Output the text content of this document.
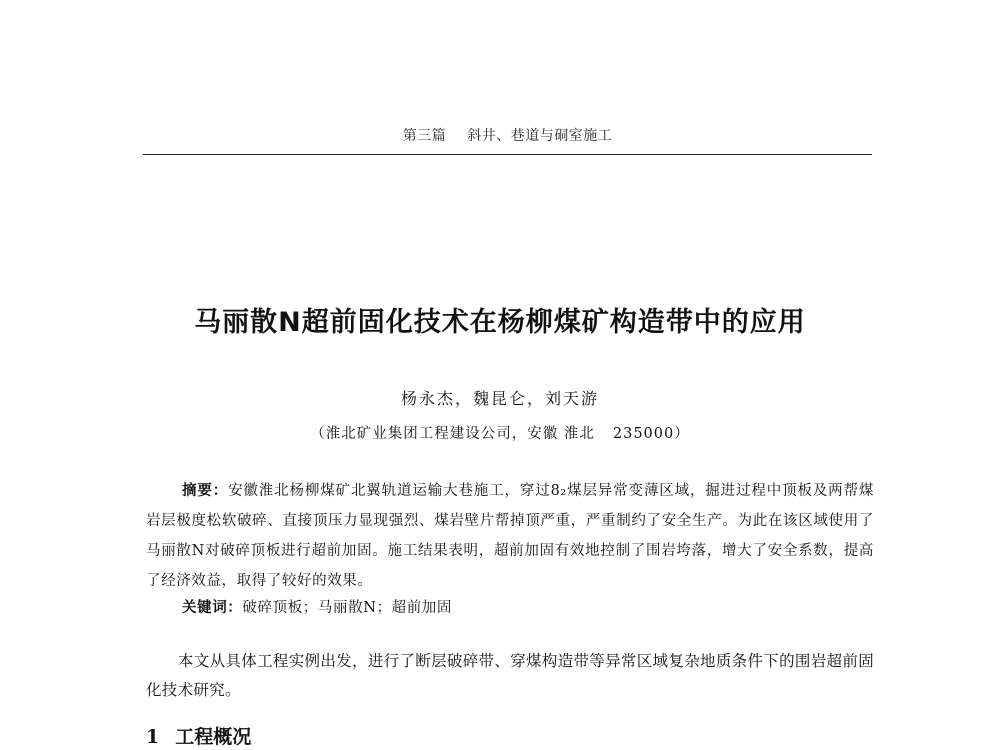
第三篇 斜井、巷道与硐室施工
马丽散N超前固化技术在杨柳煤矿构造带中的应用
杨永杰，魏昆仑，刘天游
（淮北矿业集团工程建设公司，安徽 淮北 235000）
摘要：安徽淮北杨柳煤矿北翼轨道运输大巷施工，穿过8₂煤层异常变薄区域，掘进过程中顶板及两帮煤岩层极度松软破碎、直接顶压力显现强烈、煤岩壁片帮掉顶严重，严重制约了安全生产。为此在该区域使用了马丽散N对破碎顶板进行超前加固。施工结果表明，超前加固有效地控制了围岩垮落，增大了安全系数，提高了经济效益，取得了较好的效果。
关键词：破碎顶板；马丽散N；超前加固
本文从具体工程实例出发，进行了断层破碎带、穿煤构造带等异常区域复杂地质条件下的围岩超前固化技术研究。
1 工程概况
